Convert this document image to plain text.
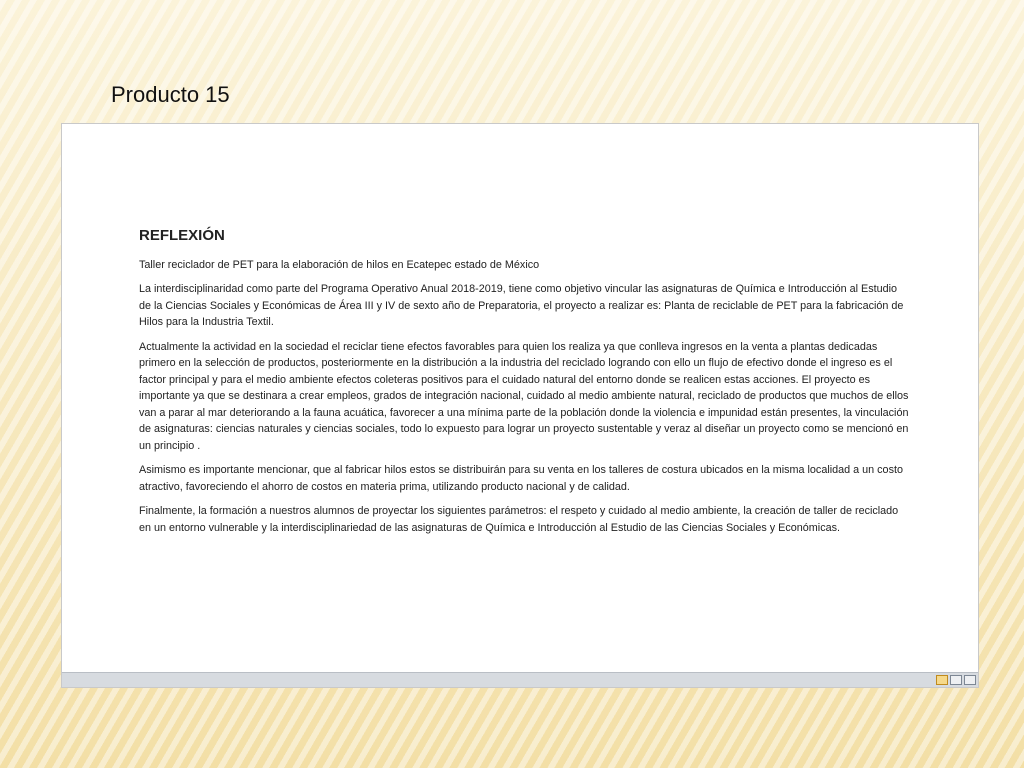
Producto 15
REFLEXIÓN

Taller reciclador de PET para la elaboración de hilos en Ecatepec estado de México

La interdisciplinaridad como parte del Programa Operativo Anual 2018-2019, tiene como objetivo vincular las asignaturas de Química e Introducción al Estudio de la Ciencias Sociales y Económicas de Área III y IV de sexto año de Preparatoria, el proyecto a realizar es: Planta de reciclable de PET para la fabricación de Hilos para la Industria Textil.

Actualmente la actividad en la sociedad el reciclar tiene efectos favorables para quien los realiza ya que conlleva ingresos en la venta a plantas dedicadas primero en la selección de productos, posteriormente en la distribución a la industria del reciclado logrando con ello un flujo de efectivo donde el ingreso es el factor principal y para el medio ambiente efectos coleteras positivos para el cuidado natural del entorno donde se realicen estas acciones. El proyecto es importante ya que se destinara a crear empleos, grados de integración nacional, cuidado al medio ambiente natural, reciclado de productos que muchos de ellos van a parar al mar deteriorando a la fauna acuática, favorecer a una mínima parte de la población donde la violencia e impunidad están presentes, la vinculación de asignaturas: ciencias naturales y ciencias sociales, todo lo expuesto para lograr un proyecto sustentable y veraz al diseñar un proyecto como se mencionó en un principio .

Asimismo es importante mencionar, que al fabricar hilos estos se distribuirán para su venta en los talleres de costura ubicados en la misma localidad a un costo atractivo, favoreciendo el ahorro de costos en materia prima, utilizando producto nacional y de calidad.

Finalmente, la formación a nuestros alumnos de proyectar los siguientes parámetros: el respeto y cuidado al medio ambiente, la creación de taller de reciclado en un entorno vulnerable y la interdisciplinariedad de las asignaturas de Química e Introducción al Estudio de las Ciencias Sociales y Económicas.
